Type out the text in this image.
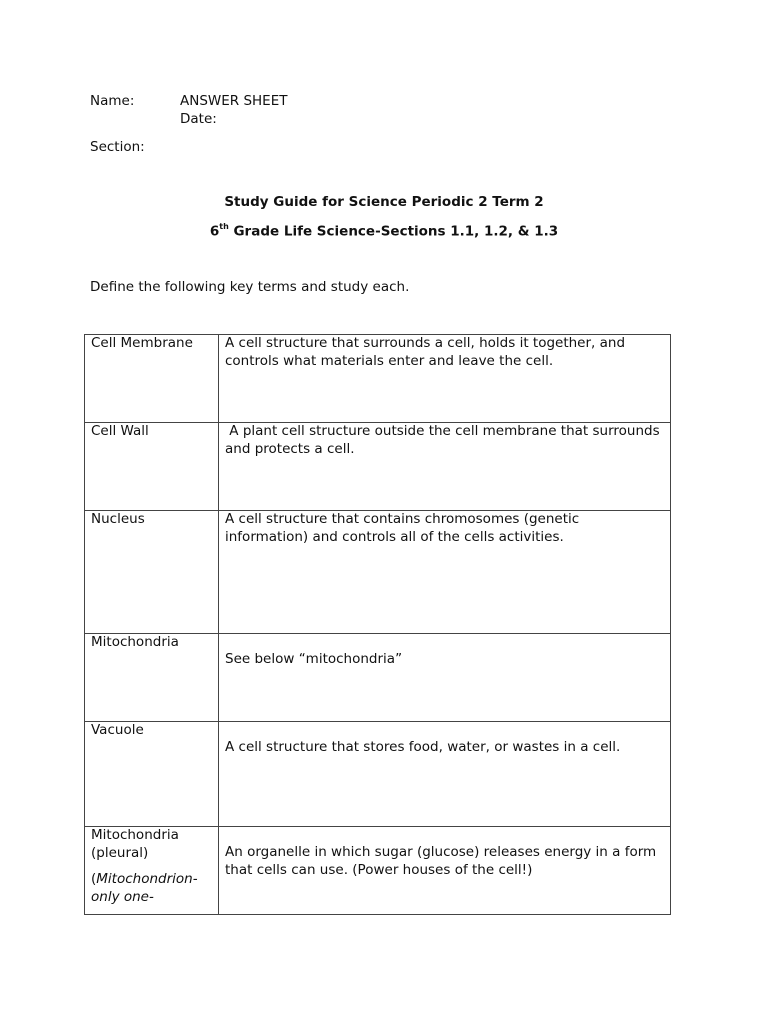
Name:	ANSWER SHEET
Date:
Section:
Study Guide for Science Periodic 2 Term 2
6th Grade Life Science-Sections 1.1, 1.2, & 1.3
Define the following key terms and study each.
Cell Membrane	A cell structure that surrounds a cell, holds it together, and controls what materials enter and leave the cell.
Cell Wall	A plant cell structure outside the cell membrane that surrounds and protects a cell.
Nucleus	A cell structure that contains chromosomes (genetic information) and controls all of the cells activities.
Mitochondria	See below “mitochondria”
Vacuole	A cell structure that stores food, water, or wastes in a cell.

Mitochondria (pleural)
(Mitochondrion- only one-	An organelle in which sugar (glucose) releases energy in a form that cells can use. (Power houses of the cell!)
